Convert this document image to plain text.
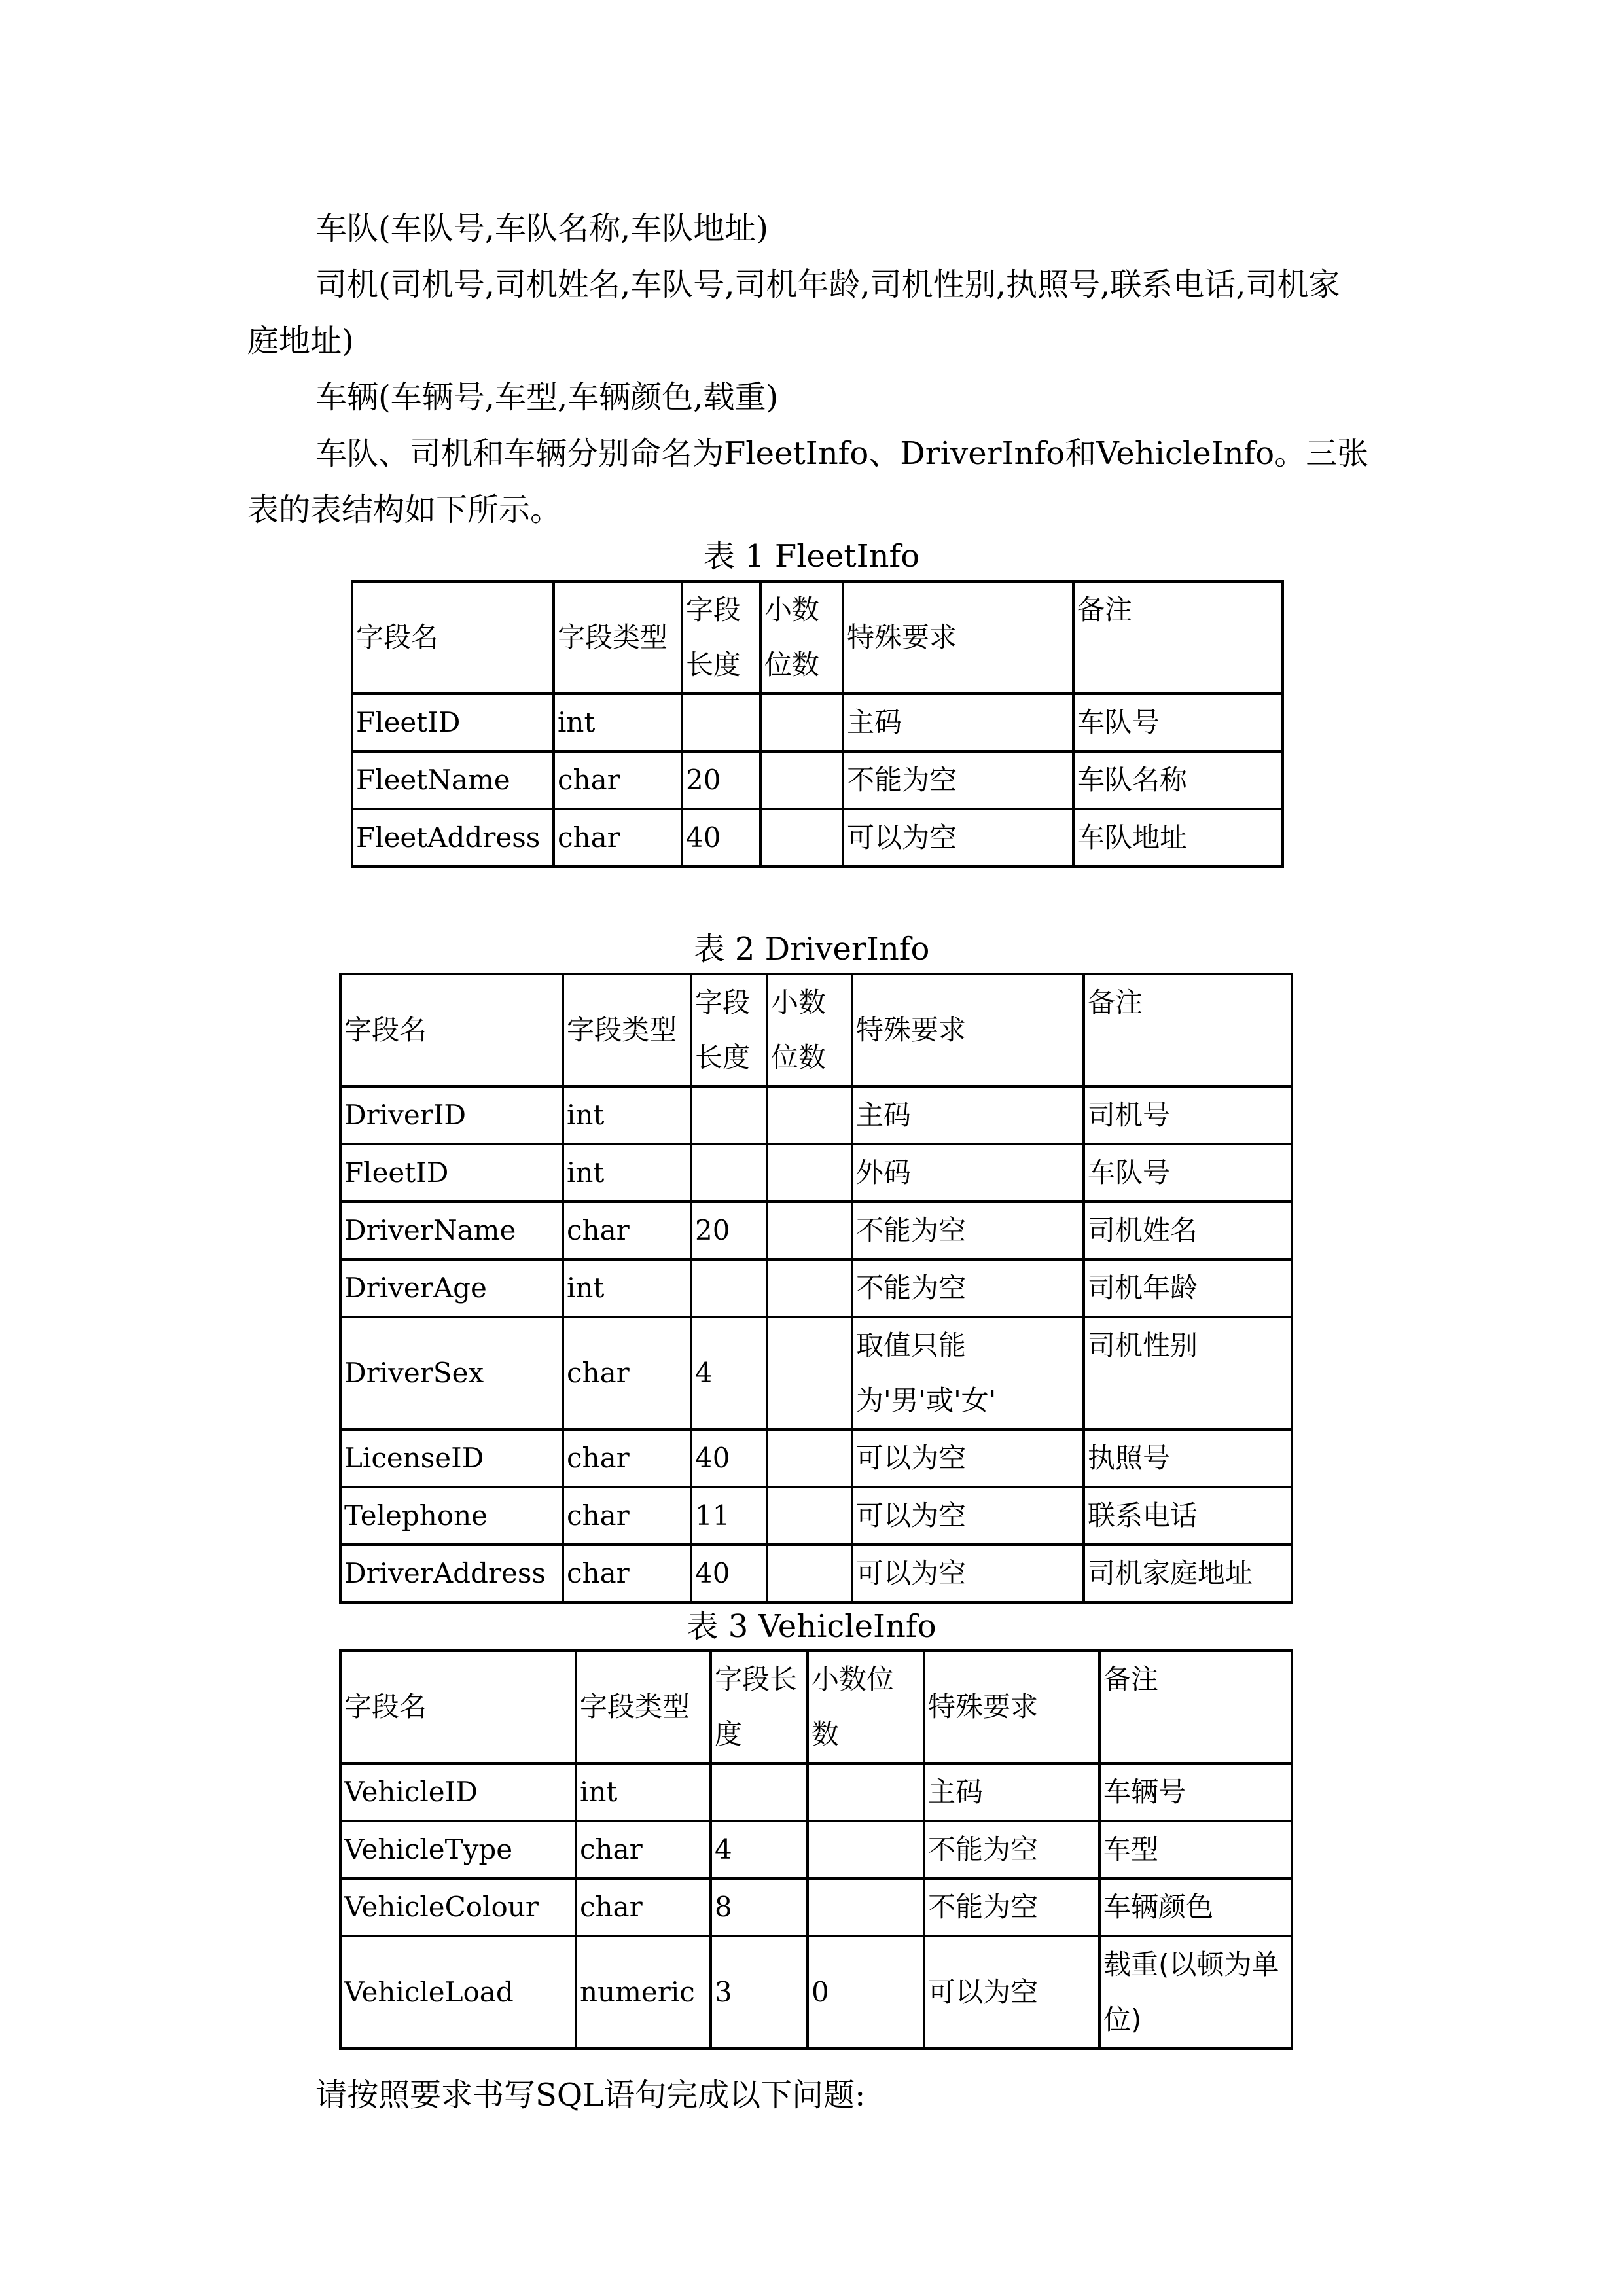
车队(车队号,车队名称,车队地址)

司机(司机号,司机姓名,车队号,司机年龄,司机性别,执照号,联系电话,司机家庭地址)

车辆(车辆号,车型,车辆颜色,载重)

车队、司机和车辆分别命名为FleetInfo、DriverInfo和VehicleInfo。三张表的表结构如下所示。

表 1 FleetInfo
字段名	字段类型	字段长度	小数位数	特殊要求	备注
FleetID	int			主码	车队号
FleetName	char	20		不能为空	车队名称
FleetAddress	char	40		可以为空	车队地址
表 2 DriverInfo
字段名	字段类型	字段长度	小数位数	特殊要求	备注
DriverID	int			主码	司机号
FleetID	int			外码	车队号
DriverName	char	20		不能为空	司机姓名
DriverAge	int			不能为空	司机年龄
DriverSex	char	4		取值只能为'男'或'女'	司机性别
LicenseID	char	40		可以为空	执照号
Telephone	char	11		可以为空	联系电话
DriverAddress	char	40		可以为空	司机家庭地址
表 3 VehicleInfo
字段名	字段类型	字段长度	小数位数	特殊要求	备注
VehicleID	int			主码	车辆号
VehicleType	char	4		不能为空	车型
VehicleColour	char	8		不能为空	车辆颜色
VehicleLoad	numeric	3	0	可以为空	载重(以顿为单位)

请按照要求书写SQL语句完成以下问题:
